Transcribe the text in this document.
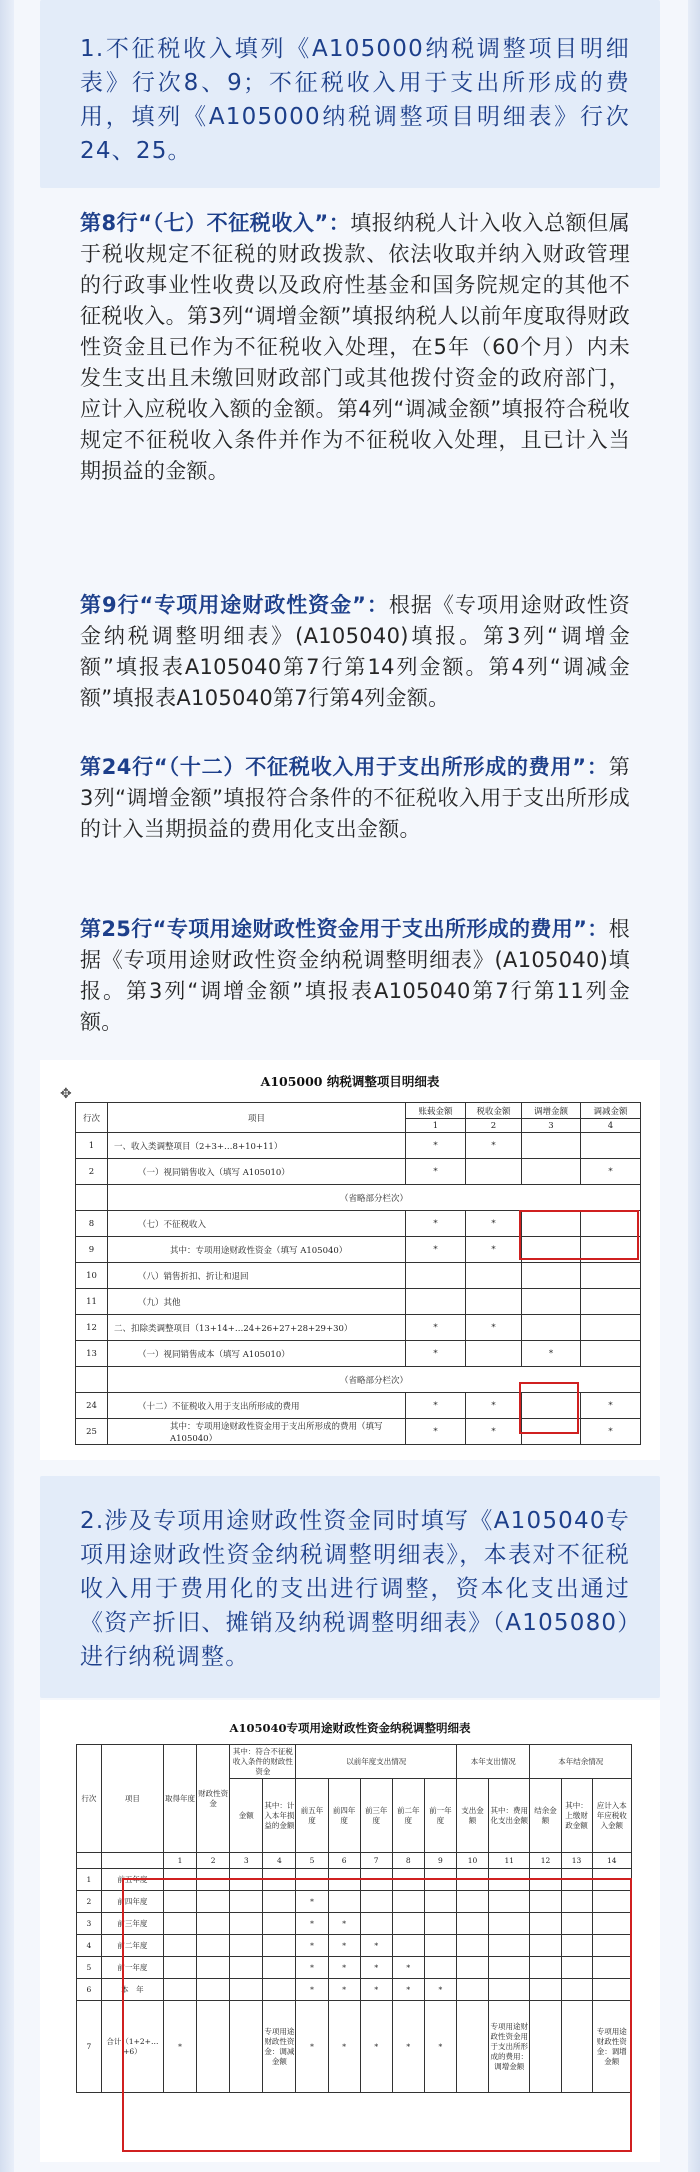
1.不征税收入填列《A105000纳税调整项目明细表》行次8、9；不征税收入用于支出所形成的费用，填列《A105000纳税调整项目明细表》行次24、25。
第8行“（七）不征税收入”：填报纳税人计入收入总额但属于税收规定不征税的财政拨款、依法收取并纳入财政管理的行政事业性收费以及政府性基金和国务院规定的其他不征税收入。第3列“调增金额”填报纳税人以前年度取得财政性资金且已作为不征税收入处理，在5年（60个月）内未发生支出且未缴回财政部门或其他拨付资金的政府部门，应计入应税收入额的金额。第4列“调减金额”填报符合税收规定不征税收入条件并作为不征税收入处理，且已计入当期损益的金额。
第9行“专项用途财政性资金”：根据《专项用途财政性资金纳税调整明细表》(A105040)填报。第3列“调增金额”填报表A105040第7行第14列金额。第4列“调减金额”填报表A105040第7行第4列金额。
第24行“（十二）不征税收入用于支出所形成的费用”：第3列“调增金额”填报符合条件的不征税收入用于支出所形成的计入当期损益的费用化支出金额。
第25行“专项用途财政性资金用于支出所形成的费用”：根据《专项用途财政性资金纳税调整明细表》(A105040)填报。第3列“调增金额”填报表A105040第7行第11列金额。
✥
A105000 纳税调整项目明细表
行次	项目	账载金额	税收金额	调增金额	调减金额
		1	2	3	4
1	一、收入类调整项目（2+3+…8+10+11）	*	*		
2	（一）视同销售收入（填写 A105010）	*			*
	（省略部分栏次）				
8	（七）不征税收入	*	*		
9	其中：专项用途财政性资金（填写 A105040）	*	*		
10	（八）销售折扣、折让和退回				
11	（九）其他				
12	二、扣除类调整项目（13+14+…24+26+27+28+29+30）	*	*		
13	（一）视同销售成本（填写 A105010）	*		*	
	（省略部分栏次）				
24	（十二）不征税收入用于支出所形成的费用	*	*		*
25	其中：专项用途财政性资金用于支出所形成的费用（填写 A105040）	*	*		*
2.涉及专项用途财政性资金同时填写《A105040专项用途财政性资金纳税调整明细表》，本表对不征税收入用于费用化的支出进行调整，资本化支出通过《资产折旧、摊销及纳税调整明细表》（A105080）进行纳税调整。
A105040专项用途财政性资金纳税调整明细表
行次	项目	取得年度	财政性资金	其中：符合不征税收入条件的财政性资金		以前年度支出情况					本年支出情况		本年结余情况		
				金额	其中：计入本年损益的金额	前五年度	前四年度	前三年度	前二年度	前一年度	支出金额	其中：费用化支出金额	结余金额	其中：上缴财政金额	应计入本年应税收入金额

		1	2	3	4	5	6	7	8	9	10	11	12	13	14
1	前五年度														
2	前四年度					*									
3	前三年度					*	*								
4	前二年度					*	*	*							
5	前一年度					*	*	*	*						
6	本　年					*	*	*	*	*					
7	合计（1+2+…+6）	*			专项用途财政性资金：调减金额	*	*	*	*	*		专项用途财政性资金用于支出所形成的费用：调增金额			专项用途财政性资金：调增金额
